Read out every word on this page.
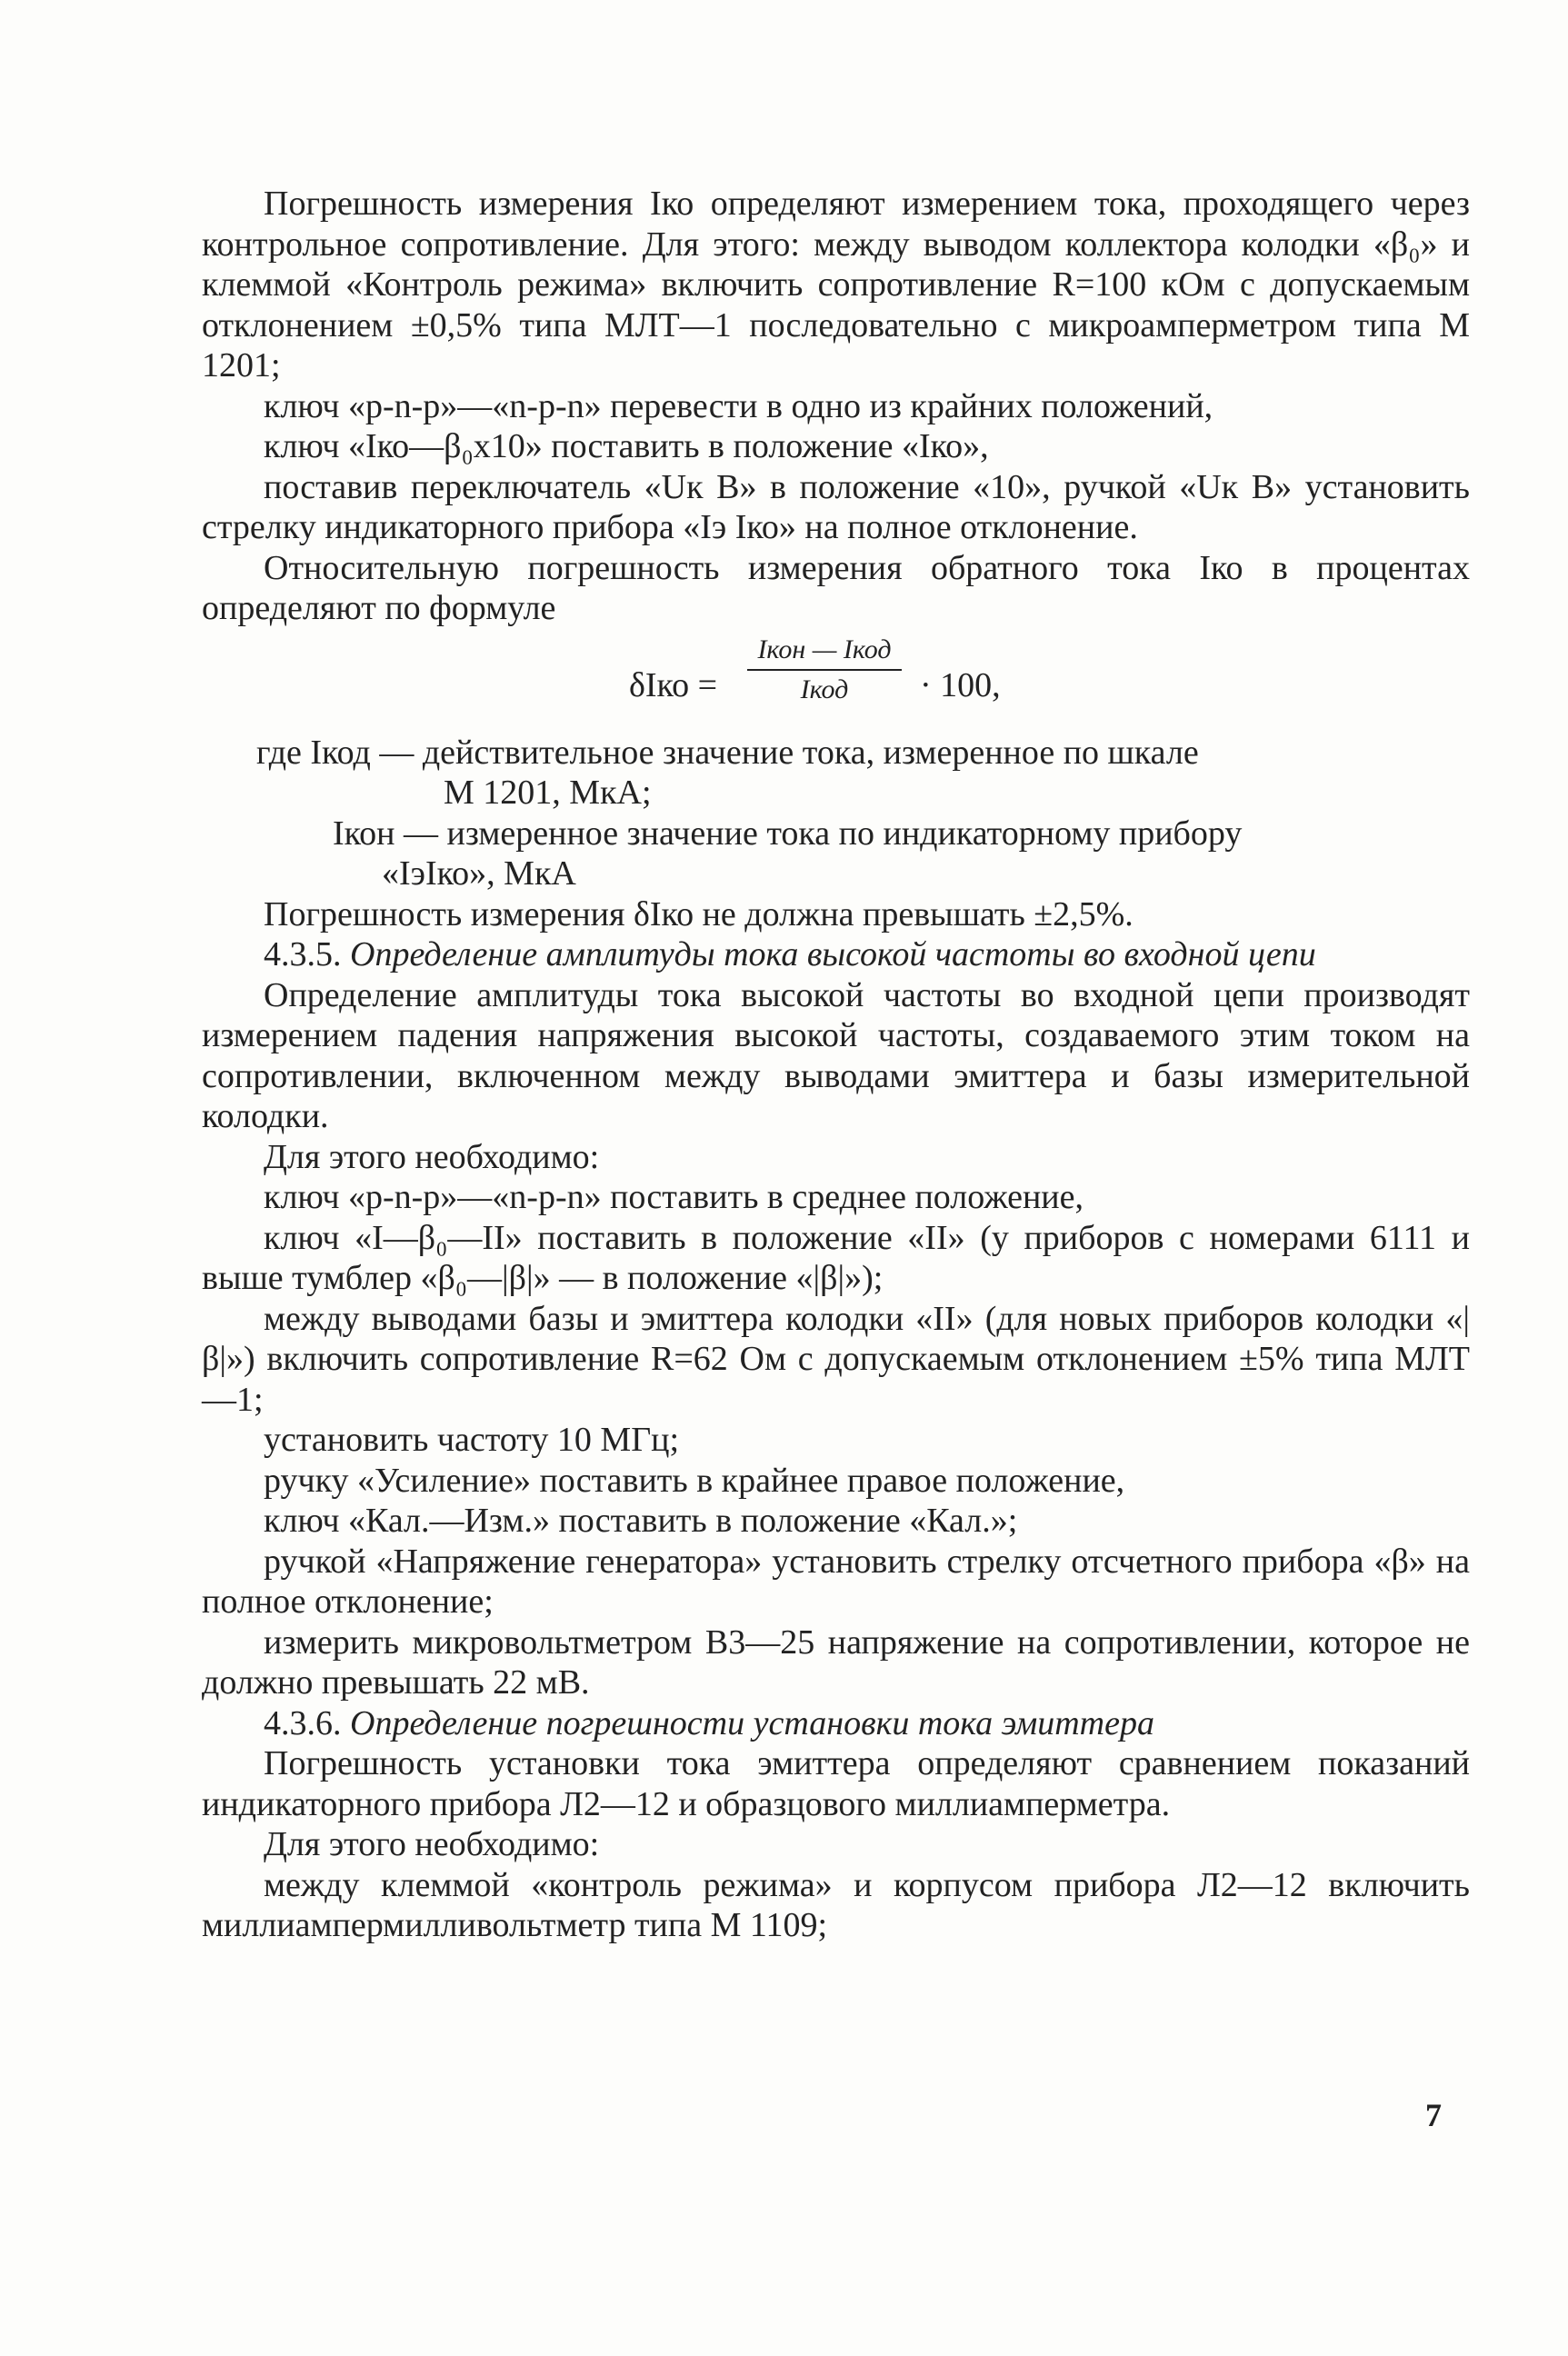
Погрешность измерения Iко определяют измерением тока, проходящего через контрольное сопротивление. Для этого: между выводом коллектора колодки «β₀» и клеммой «Контроль режима» включить сопротивление R=100 кОм с допускаемым отклонением ±0,5% типа МЛТ—1 последовательно с микроамперметром типа М 1201;

ключ «p-n-p»—«n-p-n» перевести в одно из крайних положений,

ключ «Iко—β₀x10» поставить в положение «Iко»,

поставив переключатель «Uк В» в положение «10», ручкой «Uк В» установить стрелку индикаторного прибора «Iэ Iко» на полное отклонение.

Относительную погрешность измерения обратного тока Iко в процентах определяют по формуле

δIко =
Iкон — Iкод
Iкод	· 100,

где Iкод — действительное значение тока, измеренное по шкале

М 1201, МкА;

Iкон — измеренное значение тока по индикаторному прибору

«IэIко», МкА

Погрешность измерения δIко не должна превышать ±2,5%.

4.3.5. Определение амплитуды тока высокой частоты во входной цепи

Определение амплитуды тока высокой частоты во входной цепи производят измерением падения напряжения высокой частоты, создаваемого этим током на сопротивлении, включенном между выводами эмиттера и базы измерительной колодки.

Для этого необходимо:

ключ «p-n-p»—«n-p-n» поставить в среднее положение,

ключ «I—β₀—II» поставить в положение «II» (у приборов с номерами 6111 и выше тумблер «β₀—|β|» — в положение «|β|»);

между выводами базы и эмиттера колодки «II» (для новых приборов колодки «|β|») включить сопротивление R=62 Ом с допускаемым отклонением ±5% типа МЛТ—1;

установить частоту 10 МГц;

ручку «Усиление» поставить в крайнее правое положение,

ключ «Кал.—Изм.» поставить в положение «Кал.»;

ручкой «Напряжение генератора» установить стрелку отсчетного прибора «β» на полное отклонение;

измерить микровольтметром В3—25 напряжение на сопротивлении, которое не должно превышать 22 мВ.

4.3.6. Определение погрешности установки тока эмиттера

Погрешность установки тока эмиттера определяют сравнением показаний индикаторного прибора Л2—12 и образцового миллиамперметра.

Для этого необходимо:

между клеммой «контроль режима» и корпусом прибора Л2—12 включить миллиампермилливольтметр типа М 1109;

7
